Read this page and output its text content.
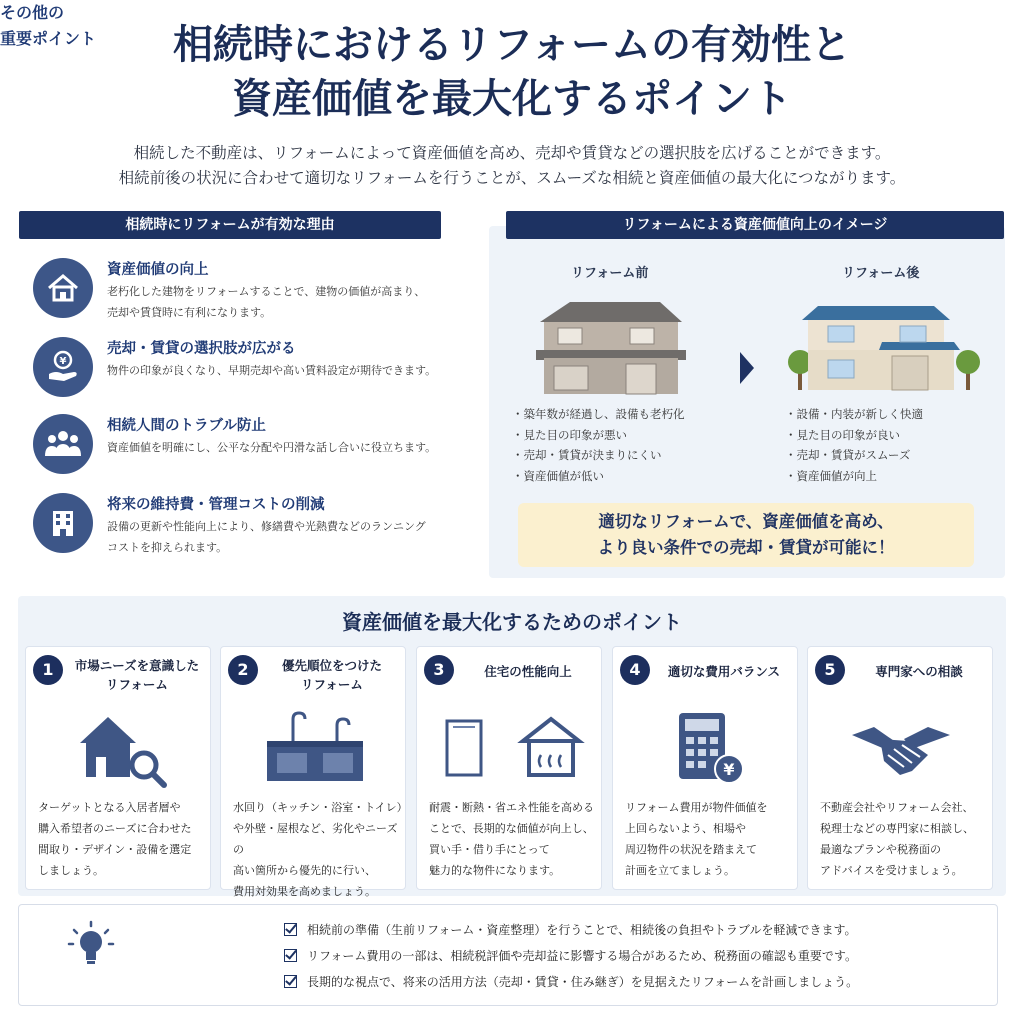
相続時におけるリフォームの有効性と
資産価値を最大化するポイント
相続した不動産は、リフォームによって資産価値を高め、売却や賃貸などの選択肢を広げることができます。
相続前後の状況に合わせて適切なリフォームを行うことが、スムーズな相続と資産価値の最大化につながります。
相続時にリフォームが有効な理由
資産価値の向上
老朽化した建物をリフォームすることで、建物の価値が高まり、
売却や賃貸時に有利になります。
¥
売却・賃貸の選択肢が広がる
物件の印象が良くなり、早期売却や高い賃料設定が期待できます。
相続人間のトラブル防止
資産価値を明確にし、公平な分配や円滑な話し合いに役立ちます。
将来の維持費・管理コストの削減
設備の更新や性能向上により、修繕費や光熱費などのランニング
コストを抑えられます。
リフォームによる資産価値向上のイメージ
リフォーム前	リフォーム後
・築年数が経過し、設備も老朽化
・見た目の印象が悪い
・売却・賃貸が決まりにくい
・資産価値が低い
・設備・内装が新しく快適
・見た目の印象が良い
・売却・賃貸がスムーズ
・資産価値が向上
適切なリフォームで、資産価値を高め、
より良い条件での売却・賃貸が可能に！
資産価値を最大化するためのポイント
1	市場ニーズを意識した
リフォーム
ターゲットとなる入居者層や
購入希望者のニーズに合わせた
間取り・デザイン・設備を選定
しましょう。
2	優先順位をつけた
リフォーム
水回り（キッチン・浴室・トイレ）
や外壁・屋根など、劣化やニーズの
高い箇所から優先的に行い、
費用対効果を高めましょう。
3	住宅の性能向上
耐震・断熱・省エネ性能を高める
ことで、長期的な価値が向上し、
買い手・借り手にとって
魅力的な物件になります。
4	適切な費用バランス
¥
リフォーム費用が物件価値を
上回らないよう、相場や
周辺物件の状況を踏まえて
計画を立てましょう。
5	専門家への相談
不動産会社やリフォーム会社、
税理士などの専門家に相談し、
最適なプランや税務面の
アドバイスを受けましょう。
その他の
重要ポイント
相続前の準備（生前リフォーム・資産整理）を行うことで、相続後の負担やトラブルを軽減できます。
リフォーム費用の一部は、相続税評価や売却益に影響する場合があるため、税務面の確認も重要です。
長期的な視点で、将来の活用方法（売却・賃貸・住み継ぎ）を見据えたリフォームを計画しましょう。
